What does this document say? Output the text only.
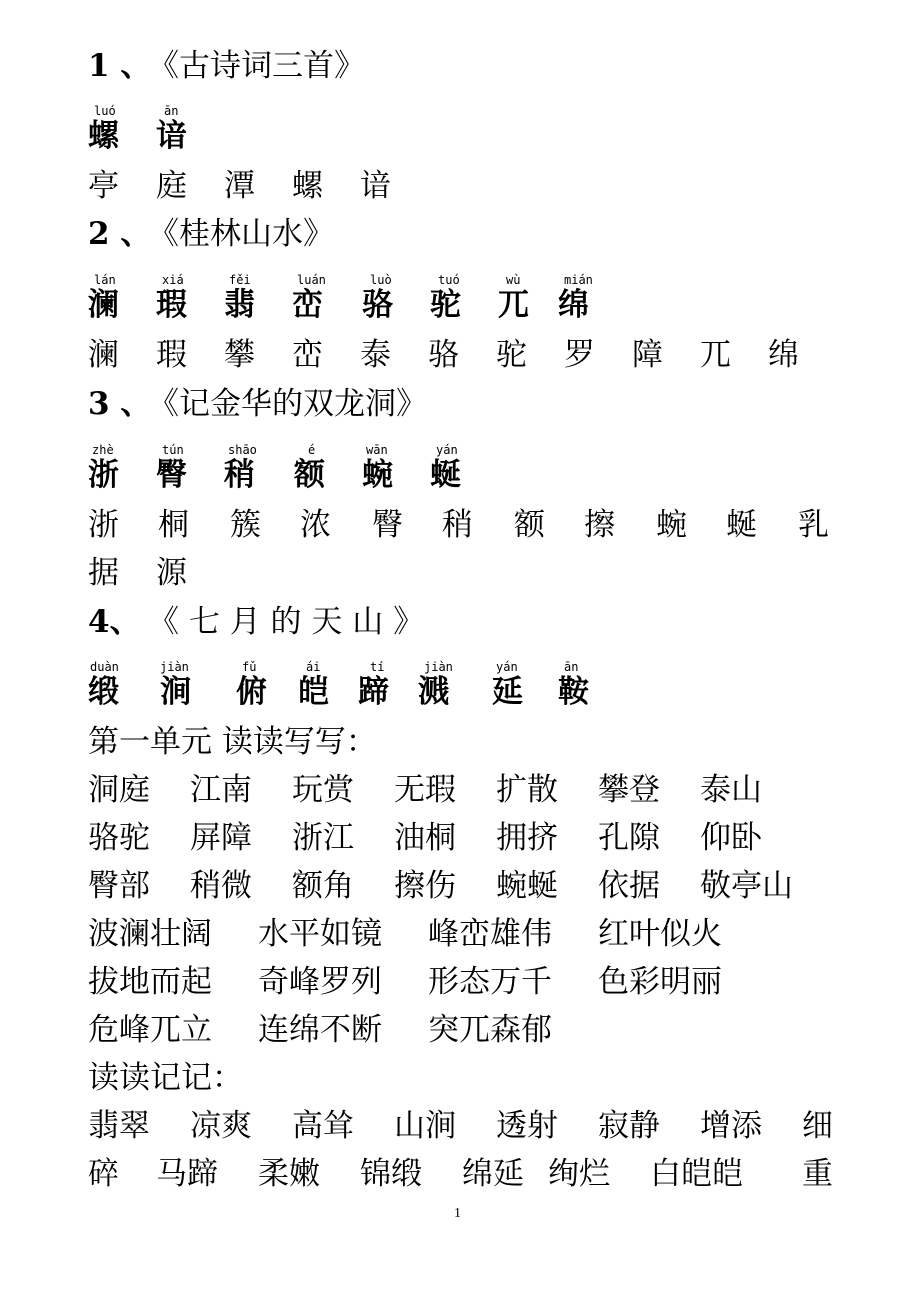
1 、《古诗词三首》
luó	ān
螺 谙
亭 庭 潭 螺 谙
2 、《桂林山水》
lán	xiá	fěi	luán	luò	tuó	wù	mián
澜 瑕 翡 峦 骆 驼 兀 绵
澜 瑕 攀 峦 泰 骆 驼 罗 障 兀 绵
3 、《记金华的双龙洞》
zhè	tún	shāo	é	wān	yán
浙 臀 稍 额 蜿 蜒
浙 桐 簇 浓 臀 稍 额 擦 蜿 蜒 乳
据 源
4、 《 七 月 的 天 山 》
duàn	jiàn	fǔ	ái	tí	jiàn	yán	ān
缎 涧 俯 皑 蹄 溅 延 鞍
第一单元 读读写写：
洞庭 江南 玩赏 无瑕 扩散 攀登 泰山
骆驼 屏障 浙江 油桐 拥挤 孔隙 仰卧
臀部 稍微 额角 擦伤 蜿蜒 依据 敬亭山
波澜壮阔 水平如镜 峰峦雄伟 红叶似火
拔地而起 奇峰罗列 形态万千 色彩明丽
危峰兀立 连绵不断 突兀森郁
读读记记：
翡翠 凉爽 高耸 山涧 透射 寂静 增添 细
碎 马蹄 柔嫩 锦缎 绵延 绚烂 白皑皑 重
1
